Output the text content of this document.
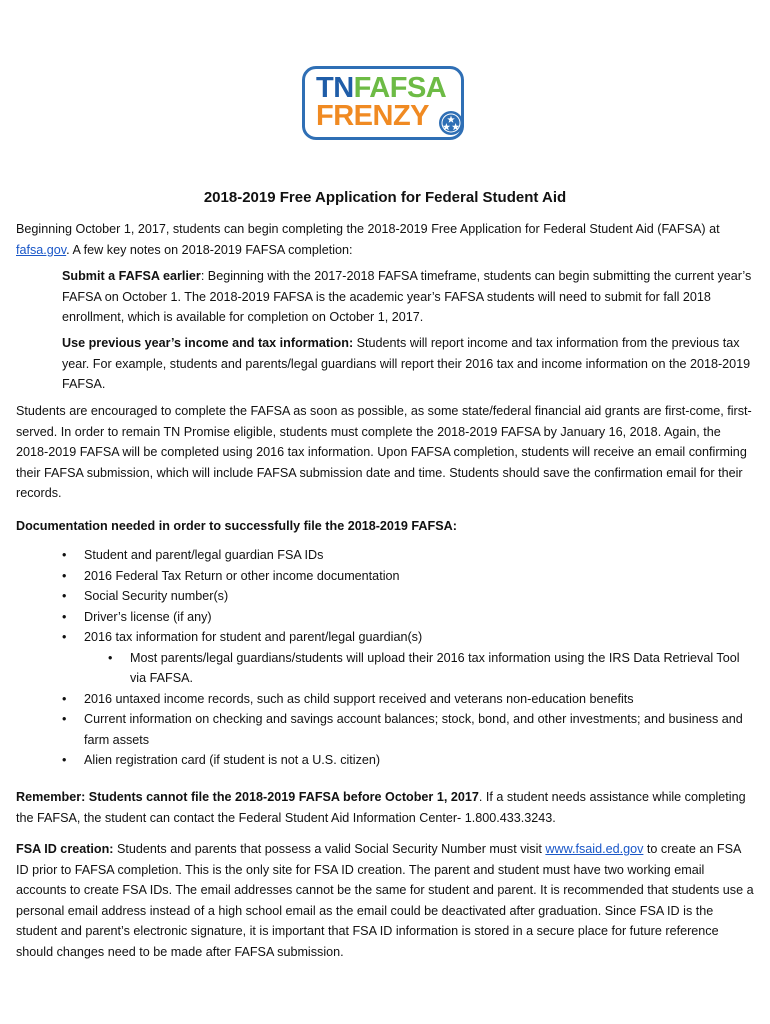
TNFAFSA
FRENZY
2018-2019 Free Application for Federal Student Aid

Beginning October 1, 2017, students can begin completing the 2018-2019 Free Application for Federal Student Aid (FAFSA) at fafsa.gov. A few key notes on 2018-2019 FAFSA completion:

Submit a FAFSA earlier: Beginning with the 2017-2018 FAFSA timeframe, students can begin submitting the current year’s FAFSA on October 1. The 2018-2019 FAFSA is the academic year’s FAFSA students will need to submit for fall 2018 enrollment, which is available for completion on October 1, 2017.

Use previous year’s income and tax information: Students will report income and tax information from the previous tax year. For example, students and parents/legal guardians will report their 2016 tax and income information on the 2018-2019 FAFSA.

Students are encouraged to complete the FAFSA as soon as possible, as some state/federal financial aid grants are first-come, first-served. In order to remain TN Promise eligible, students must complete the 2018-2019 FAFSA by January 16, 2018. Again, the 2018-2019 FAFSA will be completed using 2016 tax information. Upon FAFSA completion, students will receive an email confirming their FAFSA submission, which will include FAFSA submission date and time. Students should save the confirmation email for their records.

Documentation needed in order to successfully file the 2018-2019 FAFSA:

• Student and parent/legal guardian FSA IDs
• 2016 Federal Tax Return or other income documentation
• Social Security number(s)
• Driver’s license (if any)
• 2016 tax information for student and parent/legal guardian(s)
• Most parents/legal guardians/students will upload their 2016 tax information using the IRS Data Retrieval Tool via FAFSA.
• 2016 untaxed income records, such as child support received and veterans non-education benefits
• Current information on checking and savings account balances; stock, bond, and other investments; and business and farm assets
• Alien registration card (if student is not a U.S. citizen)

Remember: Students cannot file the 2018-2019 FAFSA before October 1, 2017. If a student needs assistance while completing the FAFSA, the student can contact the Federal Student Aid Information Center- 1.800.433.3243.

FSA ID creation: Students and parents that possess a valid Social Security Number must visit www.fsaid.ed.gov to create an FSA ID prior to FAFSA completion. This is the only site for FSA ID creation. The parent and student must have two working email accounts to create FSA IDs. The email addresses cannot be the same for student and parent. It is recommended that students use a personal email address instead of a high school email as the email could be deactivated after graduation. Since FSA ID is the student and parent’s electronic signature, it is important that FSA ID information is stored in a secure place for future reference should changes need to be made after FAFSA submission.
